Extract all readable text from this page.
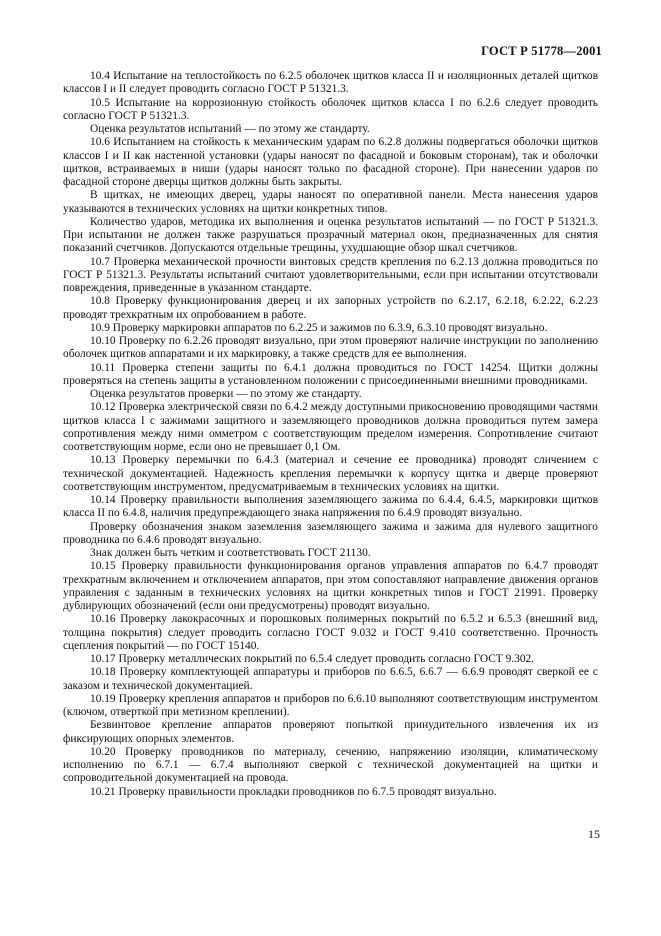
ГОСТ Р 51778—2001

10.4 Испытание на теплостойкость по 6.2.5 оболочек щитков класса II и изоляционных деталей щитков классов I и II следует проводить согласно ГОСТ Р 51321.3.

10.5 Испытание на коррозионную стойкость оболочек щитков класса I по 6.2.6 следует проводить согласно ГОСТ Р 51321.3.

Оценка результатов испытаний — по этому же стандарту.

10.6 Испытанием на стойкость к механическим ударам по 6.2.8 должны подвергаться оболочки щитков классов I и II как настенной установки (удары наносят по фасадной и боковым сторонам), так и оболочки щитков, встраиваемых в ниши (удары наносят только по фасадной стороне). При нанесении ударов по фасадной стороне дверцы щитков должны быть закрыты.

В щитках, не имеющих дверец, удары наносят по оперативной панели. Места нанесения ударов указываются в технических условиях на щитки конкретных типов.

Количество ударов, методика их выполнения и оценка результатов испытаний — по ГОСТ Р 51321.3. При испытании не должен также разрушаться прозрачный материал окон, предназначенных для снятия показаний счетчиков. Допускаются отдельные трещины, ухудшающие обзор шкал счетчиков.

10.7 Проверка механической прочности винтовых средств крепления по 6.2.13 должна проводиться по ГОСТ Р 51321.3. Результаты испытаний считают удовлетворительными, если при испытании отсутствовали повреждения, приведенные в указанном стандарте.

10.8 Проверку функционирования дверец и их запорных устройств по 6.2.17, 6.2.18, 6.2.22, 6.2.23 проводят трехкратным их опробованием в работе.

10.9 Проверку маркировки аппаратов по 6.2.25 и зажимов по 6.3.9, 6.3.10 проводят визуально.

10.10 Проверку по 6.2.26 проводят визуально, при этом проверяют наличие инструкции по заполнению оболочек щитков аппаратами и их маркировку, а также средств для ее выполнения.

10.11 Проверка степени защиты по 6.4.1 должна проводиться по ГОСТ 14254. Щитки должны проверяться на степень защиты в установленном положении с присоединенными внешними проводниками.

Оценка результатов проверки — по этому же стандарту.

10.12 Проверка электрической связи по 6.4.2 между доступными прикосновению проводящими частями щитков класса I с зажимами защитного и заземляющего проводников должна проводиться путем замера сопротивления между ними омметром с соответствующим пределом измерения. Сопротивление считают соответствующим норме, если оно не превышает 0,1 Ом.

10.13 Проверку перемычки по 6.4.3 (материал и сечение ее проводника) проводят сличением с технической документацией. Надежность крепления перемычки к корпусу щитка и дверце проверяют соответствующим инструментом, предусматриваемым в технических условиях на щитки.

10.14 Проверку правильности выполнения заземляющего зажима по 6.4.4, 6.4.5, маркировки щитков класса II по 6.4.8, наличия предупреждающего знака напряжения по 6.4.9 проводят визуально.

Проверку обозначения знаком заземления заземляющего зажима и зажима для нулевого защитного проводника по 6.4.6 проводят визуально.

Знак должен быть четким и соответствовать ГОСТ 21130.

10.15 Проверку правильности функционирования органов управления аппаратов по 6.4.7 проводят трехкратным включением и отключением аппаратов, при этом сопоставляют направление движения органов управления с заданным в технических условиях на щитки конкретных типов и ГОСТ 21991. Проверку дублирующих обозначений (если они предусмотрены) проводят визуально.

10.16 Проверку лакокрасочных и порошковых полимерных покрытий по 6.5.2 и 6.5.3 (внешний вид, толщина покрытия) следует проводить согласно ГОСТ 9.032 и ГОСТ 9.410 соответственно. Прочность сцепления покрытий — по ГОСТ 15140.

10.17 Проверку металлических покрытий по 6.5.4 следует проводить согласно ГОСТ 9.302.

10.18 Проверку комплектующей аппаратуры и приборов по 6.6.5, 6.6.7 — 6.6.9 проводят сверкой ее с заказом и технической документацией.

10.19 Проверку крепления аппаратов и приборов по 6.6.10 выполняют соответствующим инструментом (ключом, отверткой при метизном креплении).

Безвинтовое крепление аппаратов проверяют попыткой принудительного извлечения их из фиксирующих опорных элементов.

10.20 Проверку проводников по материалу, сечению, напряжению изоляции, климатическому исполнению по 6.7.1 — 6.7.4 выполняют сверкой с технической документацией на щитки и сопроводительной документацией на провода.

10.21 Проверку правильности прокладки проводников по 6.7.5 проводят визуально.

15
